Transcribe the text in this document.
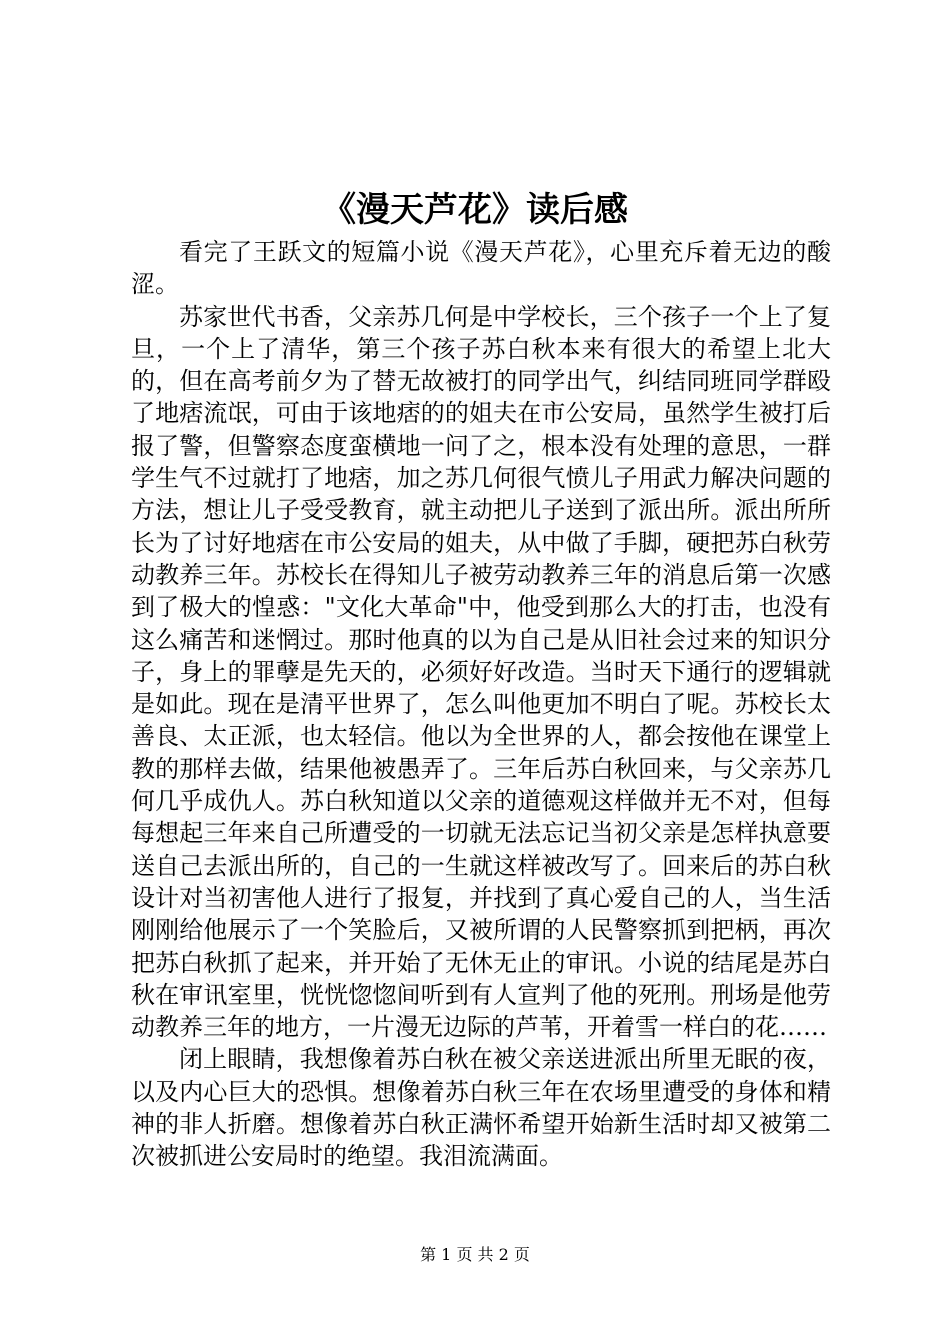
《漫天芦花》读后感

看完了王跃文的短篇小说《漫天芦花》，心里充斥着无边的酸涩。

苏家世代书香，父亲苏几何是中学校长，三个孩子一个上了复旦，一个上了清华，第三个孩子苏白秋本来有很大的希望上北大的，但在高考前夕为了替无故被打的同学出气，纠结同班同学群殴了地痞流氓，可由于该地痞的的姐夫在市公安局，虽然学生被打后报了警，但警察态度蛮横地一问了之，根本没有处理的意思，一群学生气不过就打了地痞，加之苏几何很气愤儿子用武力解决问题的方法，想让儿子受受教育，就主动把儿子送到了派出所。派出所所长为了讨好地痞在市公安局的姐夫，从中做了手脚，硬把苏白秋劳动教养三年。苏校长在得知儿子被劳动教养三年的消息后第一次感到了极大的惶惑："文化大革命"中，他受到那么大的打击，也没有这么痛苦和迷惘过。那时他真的以为自己是从旧社会过来的知识分子，身上的罪孽是先天的，必须好好改造。当时天下通行的逻辑就是如此。现在是清平世界了，怎么叫他更加不明白了呢。苏校长太善良、太正派，也太轻信。他以为全世界的人，都会按他在课堂上教的那样去做，结果他被愚弄了。三年后苏白秋回来，与父亲苏几何几乎成仇人。苏白秋知道以父亲的道德观这样做并无不对，但每每想起三年来自己所遭受的一切就无法忘记当初父亲是怎样执意要送自己去派出所的，自己的一生就这样被改写了。回来后的苏白秋设计对当初害他人进行了报复，并找到了真心爱自己的人，当生活刚刚给他展示了一个笑脸后，又被所谓的人民警察抓到把柄，再次把苏白秋抓了起来，并开始了无休无止的审讯。小说的结尾是苏白秋在审讯室里，恍恍惚惚间听到有人宣判了他的死刑。刑场是他劳动教养三年的地方，一片漫无边际的芦苇，开着雪一样白的花……

闭上眼睛，我想像着苏白秋在被父亲送进派出所里无眠的夜，以及内心巨大的恐惧。想像着苏白秋三年在农场里遭受的身体和精神的非人折磨。想像着苏白秋正满怀希望开始新生活时却又被第二次被抓进公安局时的绝望。我泪流满面。

第 1 页 共 2 页
